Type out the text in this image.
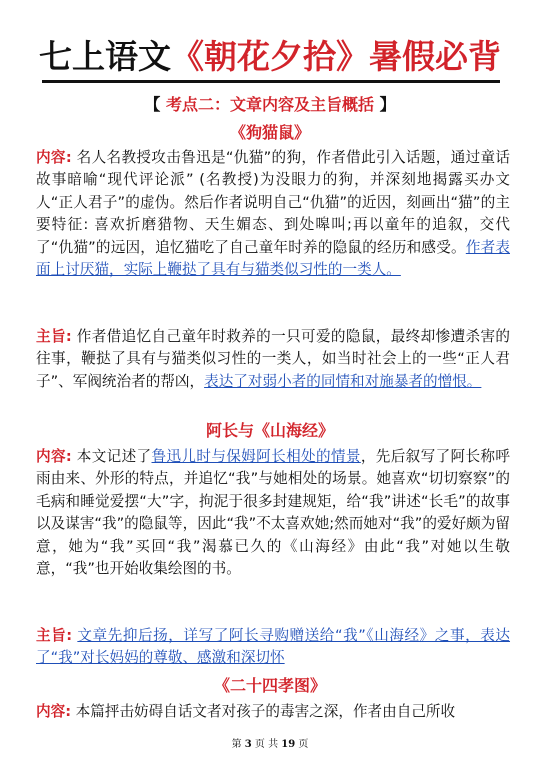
七上语文《朝花夕拾》暑假必背
【 考点二：文章内容及主旨概括 】
《狗猫鼠》
内容: 名人名教授攻击鲁迅是“仇猫”的狗，作者借此引入话题，通过童话故事暗喻“现代评论派” (名教授)为没眼力的狗，并深刻地揭露买办文人“正人君子”的虚伪。然后作者说明自己“仇猫”的近因，刻画出“猫”的主要特征: 喜欢折磨猎物、天生媚态、到处嗥叫;再以童年的追叙，交代了“仇猫”的远因，追忆猫吃了自己童年时养的隐鼠的经历和感受。作者表面上讨厌猫，实际上鞭挞了具有与猫类似习性的一类人。
主旨: 作者借追忆自己童年时救养的一只可爱的隐鼠，最终却惨遭杀害的往事，鞭挞了具有与猫类似习性的一类人，如当时社会上的一些“正人君子”、军阀统治者的帮凶，表达了对弱小者的同情和对施暴者的憎恨。
阿长与《山海经》
内容: 本文记述了鲁迅儿时与保姆阿长相处的情景，先后叙写了阿长称呼雨由来、外形的特点，并追忆“我”与她相处的场景。她喜欢“切切察察”的毛病和睡觉爱摆“大”字，拘泥于很多封建规矩，给“我”讲述“长毛”的故事以及谋害“我”的隐鼠等，因此“我”不太喜欢她;然而她对“我”的爱好颇为留意，她为“我”买回“我”渴慕已久的《山海经》由此“我”对她以生敬意，“我”也开始收集绘图的书。
主旨: 文章先抑后扬，详写了阿长寻购赠送给“我”《山海经》之事，表达了“我”对长妈妈的尊敬、感激和深切怀
《二十四孝图》
内容: 本篇抨击妨碍自话文者对孩子的毒害之深，作者由自己所收
第 3 页 共 19 页
